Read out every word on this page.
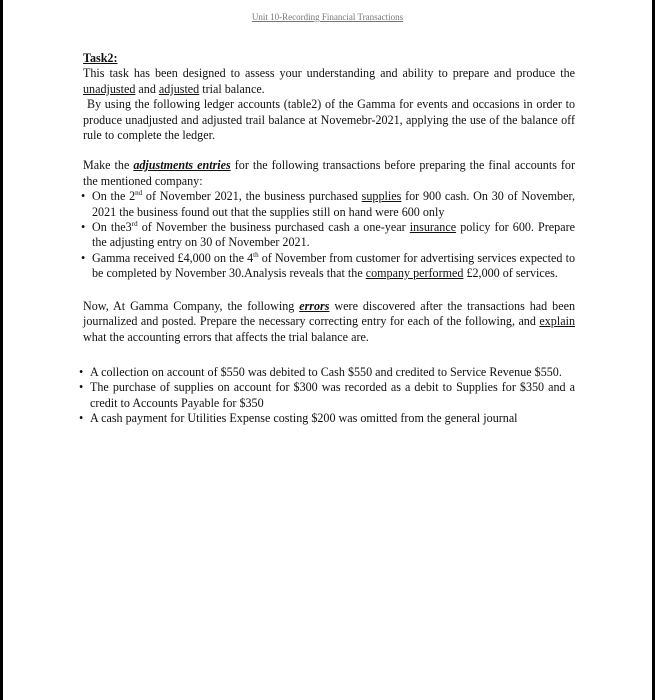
Unit 10-Recording Financial Transactions

Task2:

This task has been designed to assess your understanding and ability to prepare and produce the unadjusted and adjusted trial balance.

By using the following ledger accounts (table2) of the Gamma for events and occasions in order to produce unadjusted and adjusted trail balance at Novemebr-2021, applying the use of the balance off rule to complete the ledger.

Make the adjustments entries for the following transactions before preparing the final accounts for the mentioned company:

• On the 2nd of November 2021, the business purchased supplies for 900 cash. On 30 of November, 2021 the business found out that the supplies still on hand were 600 only
• On the3rd of November the business purchased cash a one-year insurance policy for 600. Prepare the adjusting entry on 30 of November 2021.
• Gamma received £4,000 on the 4th of November from customer for advertising services expected to be completed by November 30.Analysis reveals that the company performed £2,000 of services.

Now, At Gamma Company, the following errors were discovered after the transactions had been journalized and posted. Prepare the necessary correcting entry for each of the following, and explain what the accounting errors that affects the trial balance are.

• A collection on account of $550 was debited to Cash $550 and credited to Service Revenue $550.
• The purchase of supplies on account for $300 was recorded as a debit to Supplies for $350 and a credit to Accounts Payable for $350
• A cash payment for Utilities Expense costing $200 was omitted from the general journal
